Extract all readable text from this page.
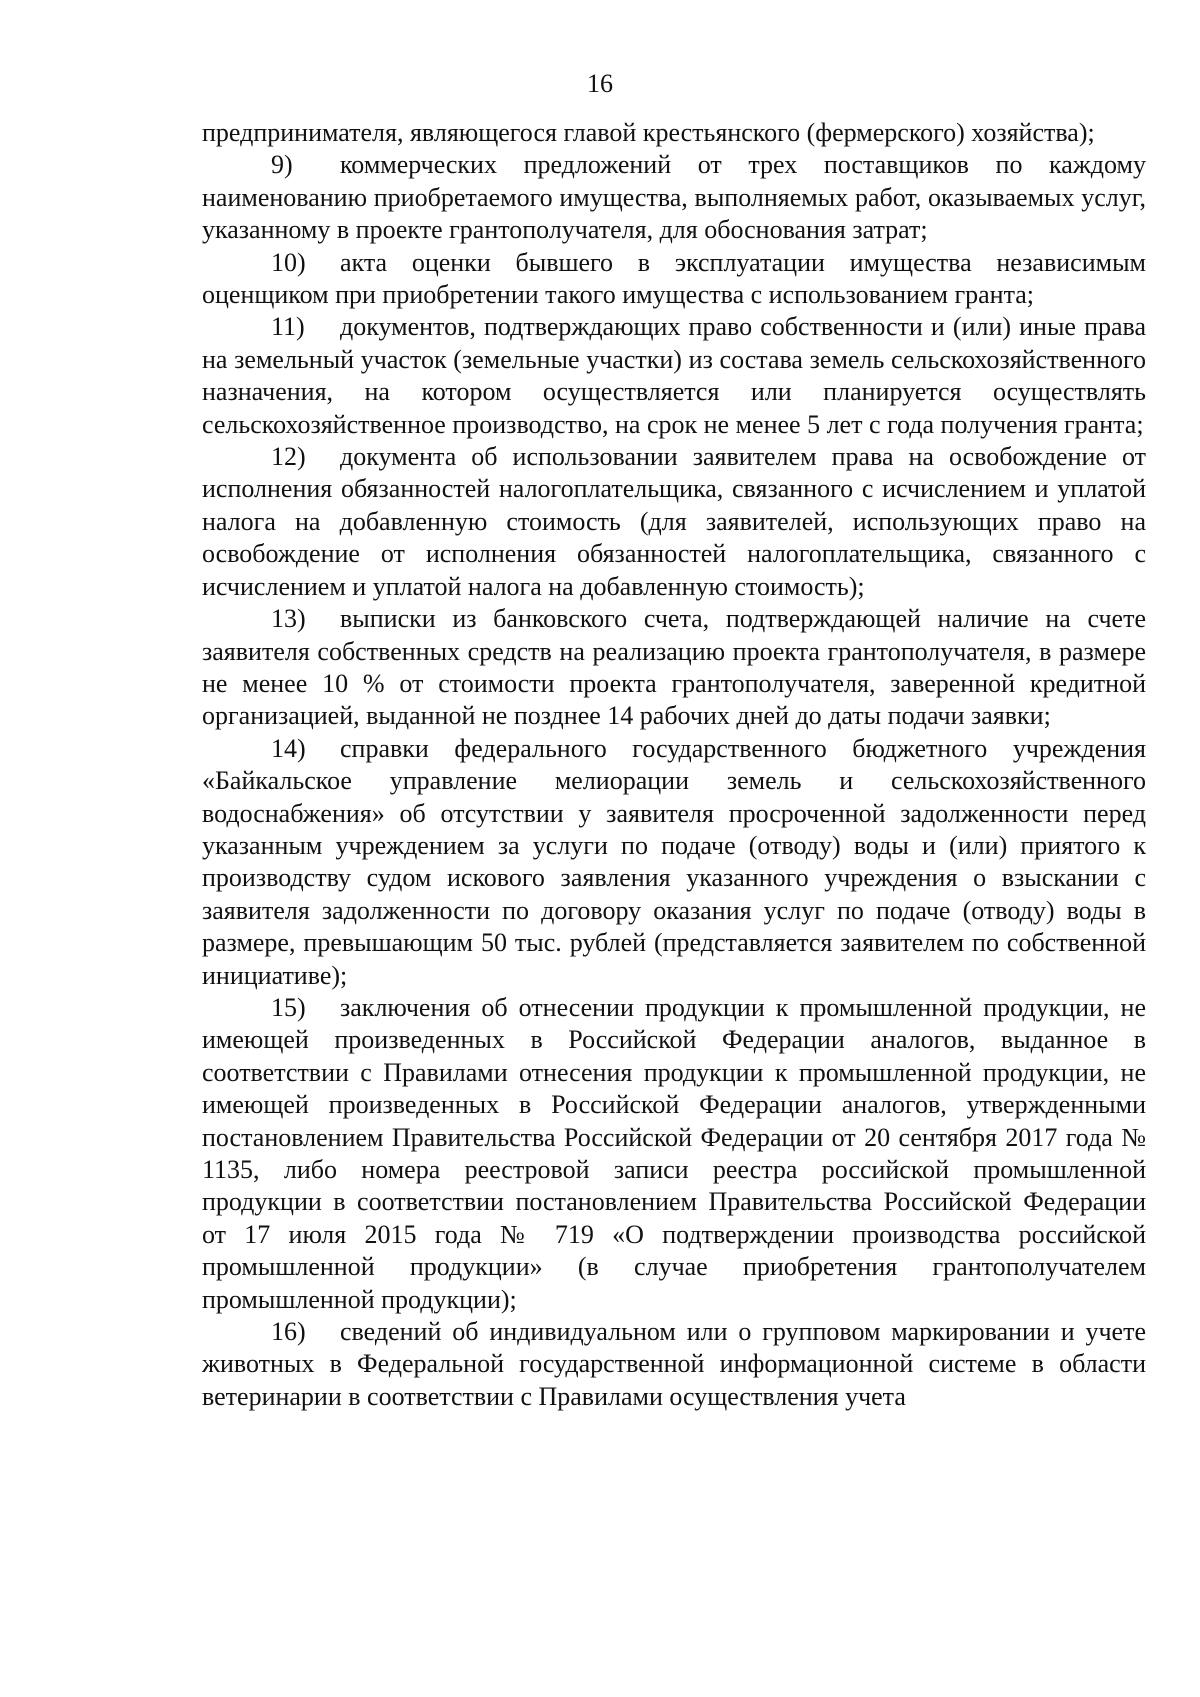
16

предпринимателя, являющегося главой крестьянского (фермерского) хозяйства);

9) коммерческих предложений от трех поставщиков по каждому наименованию приобретаемого имущества, выполняемых работ, оказываемых услуг, указанному в проекте грантополучателя, для обоснования затрат;

10) акта оценки бывшего в эксплуатации имущества независимым оценщиком при приобретении такого имущества с использованием гранта;

11) документов, подтверждающих право собственности и (или) иные права на земельный участок (земельные участки) из состава земель сельскохозяйственного назначения, на котором осуществляется или планируется осуществлять сельскохозяйственное производство, на срок не менее 5 лет с года получения гранта;

12) документа об использовании заявителем права на освобождение от исполнения обязанностей налогоплательщика, связанного с исчислением и уплатой налога на добавленную стоимость (для заявителей, использующих право на освобождение от исполнения обязанностей налогоплательщика, связанного с исчислением и уплатой налога на добавленную стоимость);

13) выписки из банковского счета, подтверждающей наличие на счете заявителя собственных средств на реализацию проекта грантополучателя, в размере не менее 10 % от стоимости проекта грантополучателя, заверенной кредитной организацией, выданной не позднее 14 рабочих дней до даты подачи заявки;

14) справки федерального государственного бюджетного учреждения «Байкальское управление мелиорации земель и сельскохозяйственного водоснабжения» об отсутствии у заявителя просроченной задолженности перед указанным учреждением за услуги по подаче (отводу) воды и (или) приятого к производству судом искового заявления указанного учреждения о взыскании с заявителя задолженности по договору оказания услуг по подаче (отводу) воды в размере, превышающим 50 тыс. рублей (представляется заявителем по собственной инициативе);

15) заключения об отнесении продукции к промышленной продукции, не имеющей произведенных в Российской Федерации аналогов, выданное в соответствии с Правилами отнесения продукции к промышленной продукции, не имеющей произведенных в Российской Федерации аналогов, утвержденными постановлением Правительства Российской Федерации от 20 сентября 2017 года № 1135, либо номера реестровой записи реестра российской промышленной продукции в соответствии постановлением Правительства Российской Федерации от 17 июля 2015 года № 719 «О подтверждении производства российской промышленной продукции» (в случае приобретения грантополучателем промышленной продукции);

16) сведений об индивидуальном или о групповом маркировании и учете животных в Федеральной государственной информационной системе в области ветеринарии в соответствии с Правилами осуществления учета
